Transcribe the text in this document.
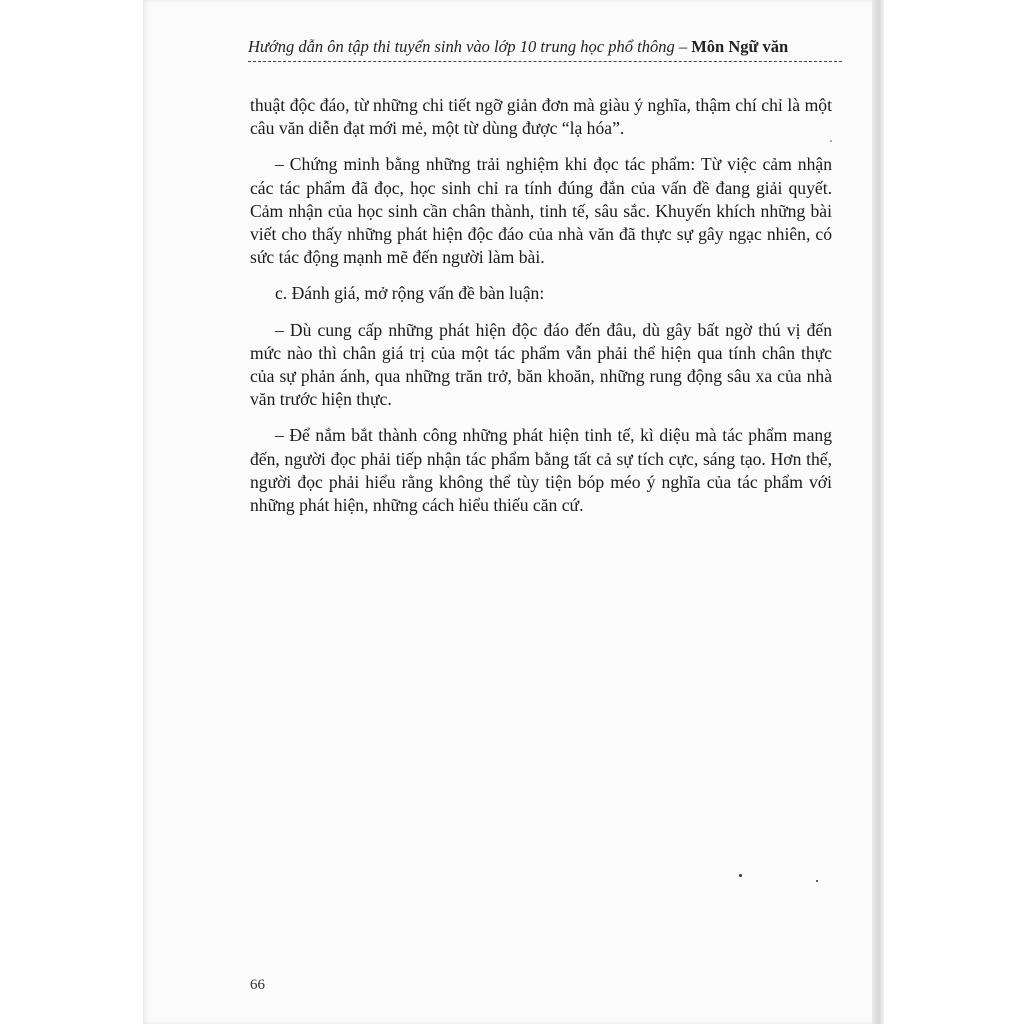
Hướng dẫn ôn tập thi tuyển sinh vào lớp 10 trung học phổ thông – Môn Ngữ văn

thuật độc đáo, từ những chi tiết ngỡ giản đơn mà giàu ý nghĩa, thậm chí chỉ là một câu văn diễn đạt mới mẻ, một từ dùng được “lạ hóa”.

– Chứng minh bằng những trải nghiệm khi đọc tác phẩm: Từ việc cảm nhận các tác phẩm đã đọc, học sinh chỉ ra tính đúng đắn của vấn đề đang giải quyết. Cảm nhận của học sinh cần chân thành, tinh tế, sâu sắc. Khuyến khích những bài viết cho thấy những phát hiện độc đáo của nhà văn đã thực sự gây ngạc nhiên, có sức tác động mạnh mẽ đến người làm bài.

c. Đánh giá, mở rộng vấn đề bàn luận:

– Dù cung cấp những phát hiện độc đáo đến đâu, dù gây bất ngờ thú vị đến mức nào thì chân giá trị của một tác phẩm vẫn phải thể hiện qua tính chân thực của sự phản ánh, qua những trăn trở, băn khoăn, những rung động sâu xa của nhà văn trước hiện thực.

– Để nắm bắt thành công những phát hiện tinh tế, kì diệu mà tác phẩm mang đến, người đọc phải tiếp nhận tác phẩm bằng tất cả sự tích cực, sáng tạo. Hơn thế, người đọc phải hiểu rằng không thể tùy tiện bóp méo ý nghĩa của tác phẩm với những phát hiện, những cách hiểu thiếu căn cứ.

66
